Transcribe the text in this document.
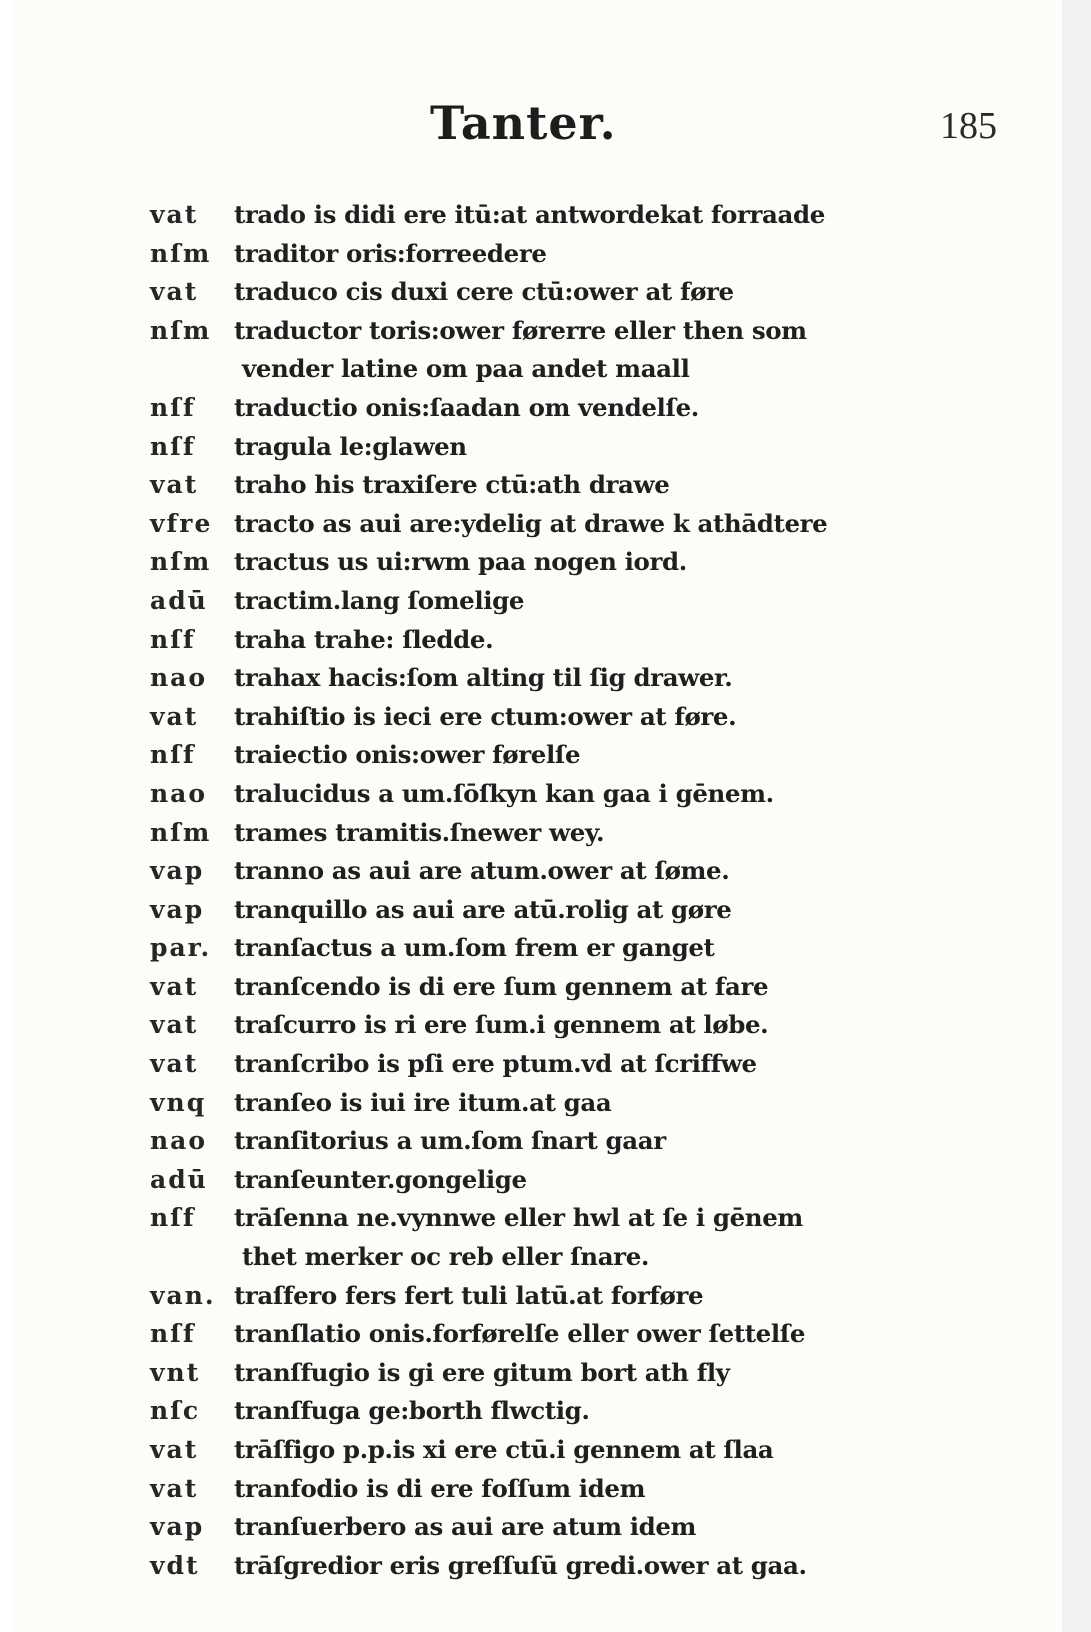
Tanter.	185
vat	trado is didi ere itū:at antwordekat forraade
nſm traditor oris:forreedere
vat	traduco cis duxi cere ctū:ower at føre
nſm traductor toris:ower førerre eller then som
vender latine om paa andet maall
nſf	traductio onis:ſaadan om vendelſe.
nſf	tragula le:glawen
vat	traho his traxiſere ctū:ath drawe
vfre tracto as aui are:ydelig at drawe k athādtere
nſm tractus us ui:rwm paa nogen iord.
adū	tractim.lang ſomelige
nſf	traha trahe: ſledde.
nao	trahax hacis:ſom alting til ſig drawer.
vat	trahiſtio is ieci ere ctum:ower at føre.
nſf	traiectio onis:ower førelſe
nao	tralucidus a um.ſōſkyn kan gaa i gēnem.
nſm trames tramitis.ſnewer wey.
vap	tranno as aui are atum.ower at ſøme.
vap	tranquillo as aui are atū.rolig at gøre
par. tranſactus a um.ſom frem er ganget
vat	tranſcendo is di ere ſum gennem at fare
vat	traſcurro is ri ere ſum.i gennem at løbe.
vat	tranſcribo is pſi ere ptum.vd at ſcriffwe
vnq	tranſeo is iui ire itum.at gaa
nao	tranſitorius a um.ſom ſnart gaar
adū	tranſeunter.gongelige
nſf	trāſenna ne.vynnwe eller hwl at ſe i gēnem
thet merker oc reb eller ſnare.
van. traſfero fers fert tuli latū.at forføre
nſf	tranſlatio onis.forførelſe eller ower ſettelſe
vnt	tranſfugio is gi ere gitum bort ath fly
nſc	tranſfuga ge:borth flwctig.
vat	trāſfigo p.p.is xi ere ctū.i gennem at ſlaa
vat	tranfodio is di ere foſſum idem
vap	tranſuerbero as aui are atum idem
vdt	trāſgredior eris greſſuſū gredi.ower at gaa.
